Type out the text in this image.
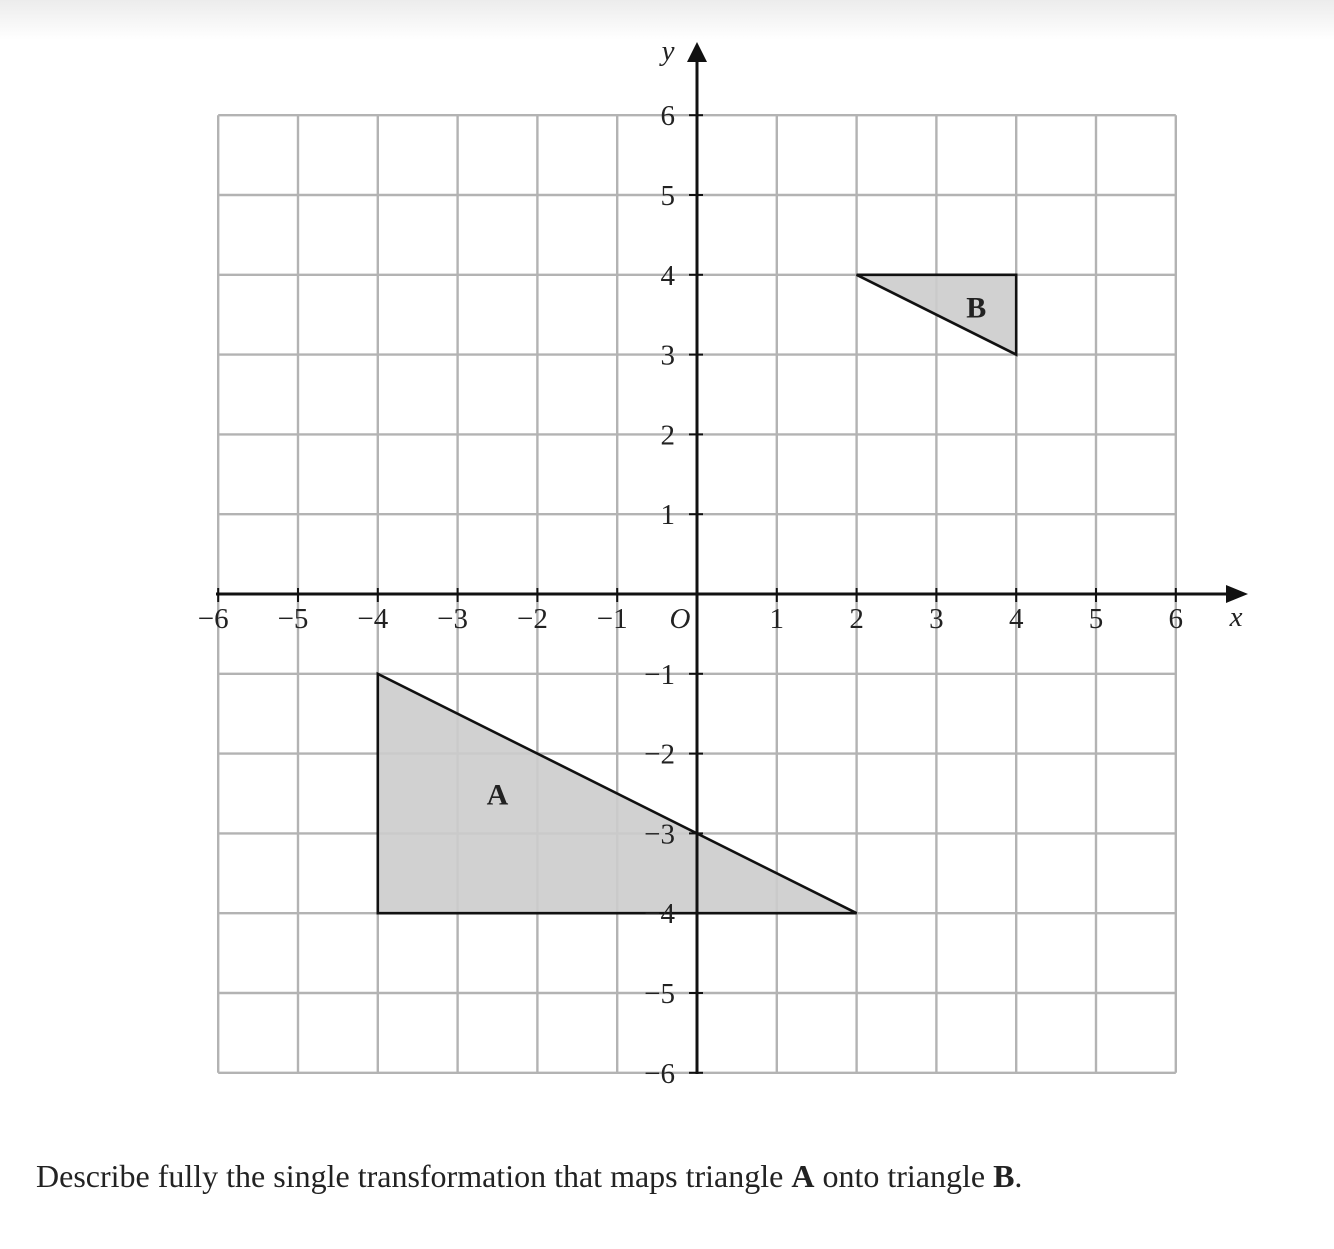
A
B
x
y
O
−6 −5 −4 −3 −2 −1	1 2 3 4 5 6
6
5
4
3
2
1
−1
−2
−3
−4
−5
−6

Describe fully the single transformation that maps triangle A onto triangle B.
